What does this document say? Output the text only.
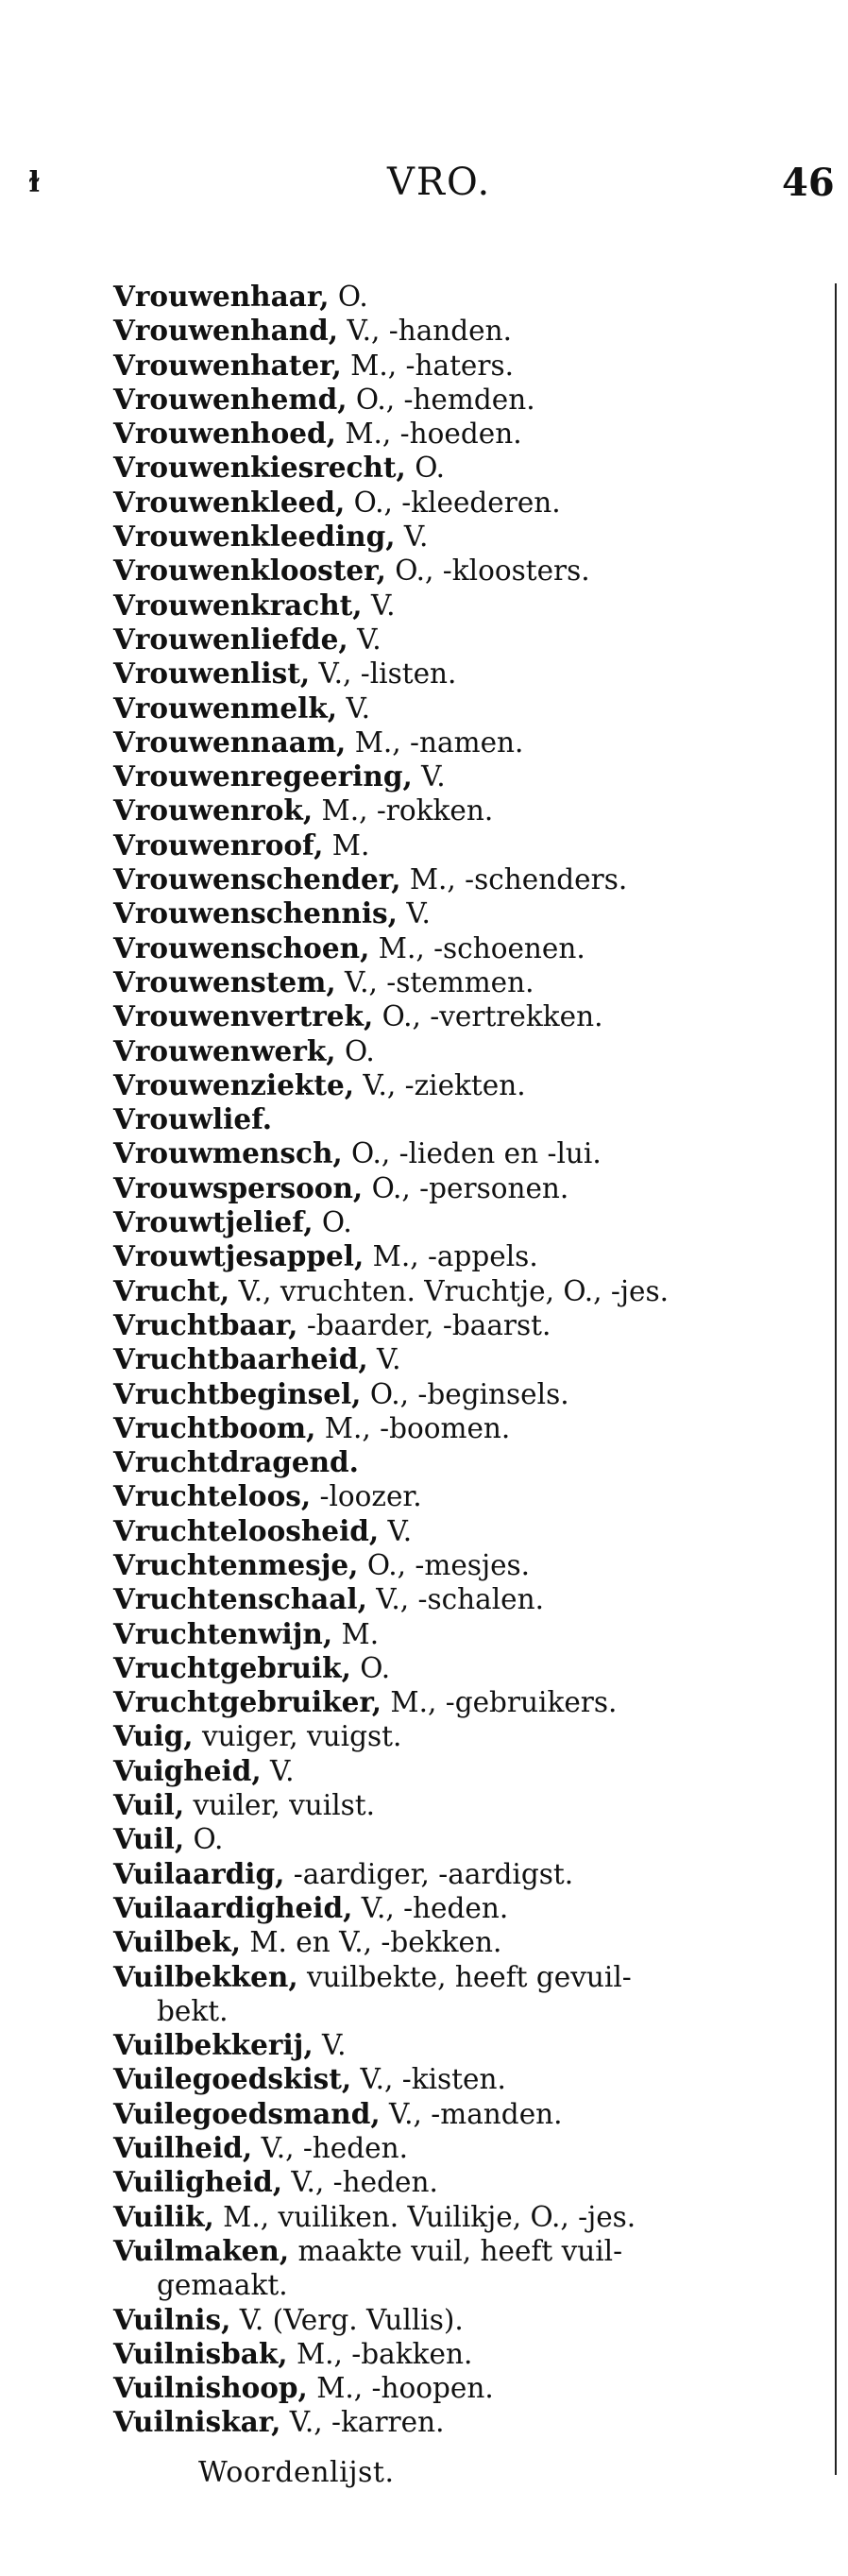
ɫ	VRO.	46
Vrouwenhaar, O.
Vrouwenhand, V., -handen.
Vrouwenhater, M., -haters.
Vrouwenhemd, O., -hemden.
Vrouwenhoed, M., -hoeden.
Vrouwenkiesrecht, O.
Vrouwenkleed, O., -kleederen.
Vrouwenkleeding, V.
Vrouwenklooster, O., -kloosters.
Vrouwenkracht, V.
Vrouwenliefde, V.
Vrouwenlist, V., -listen.
Vrouwenmelk, V.
Vrouwennaam, M., -namen.
Vrouwenregeering, V.
Vrouwenrok, M., -rokken.
Vrouwenroof, M.
Vrouwenschender, M., -schenders.
Vrouwenschennis, V.
Vrouwenschoen, M., -schoenen.
Vrouwenstem, V., -stemmen.
Vrouwenvertrek, O., -vertrekken.
Vrouwenwerk, O.
Vrouwenziekte, V., -ziekten.
Vrouwlief.
Vrouwmensch, O., -lieden en -lui.
Vrouwspersoon, O., -personen.
Vrouwtjelief, O.
Vrouwtjesappel, M., -appels.
Vrucht, V., vruchten. Vruchtje, O., -jes.
Vruchtbaar, -baarder, -baarst.
Vruchtbaarheid, V.
Vruchtbeginsel, O., -beginsels.
Vruchtboom, M., -boomen.
Vruchtdragend.
Vruchteloos, -loozer.
Vruchteloosheid, V.
Vruchtenmesje, O., -mesjes.
Vruchtenschaal, V., -schalen.
Vruchtenwijn, M.
Vruchtgebruik, O.
Vruchtgebruiker, M., -gebruikers.
Vuig, vuiger, vuigst.
Vuigheid, V.
Vuil, vuiler, vuilst.
Vuil, O.
Vuilaardig, -aardiger, -aardigst.
Vuilaardigheid, V., -heden.
Vuilbek, M. en V., -bekken.
Vuilbekken, vuilbekte, heeft gevuil-
bekt.
Vuilbekkerij, V.
Vuilegoedskist, V., -kisten.
Vuilegoedsmand, V., -manden.
Vuilheid, V., -heden.
Vuiligheid, V., -heden.
Vuilik, M., vuiliken. Vuilikje, O., -jes.
Vuilmaken, maakte vuil, heeft vuil-
gemaakt.
Vuilnis, V. (Verg. Vullis).
Vuilnisbak, M., -bakken.
Vuilnishoop, M., -hoopen.
Vuilniskar, V., -karren.
Woordenlijst.
